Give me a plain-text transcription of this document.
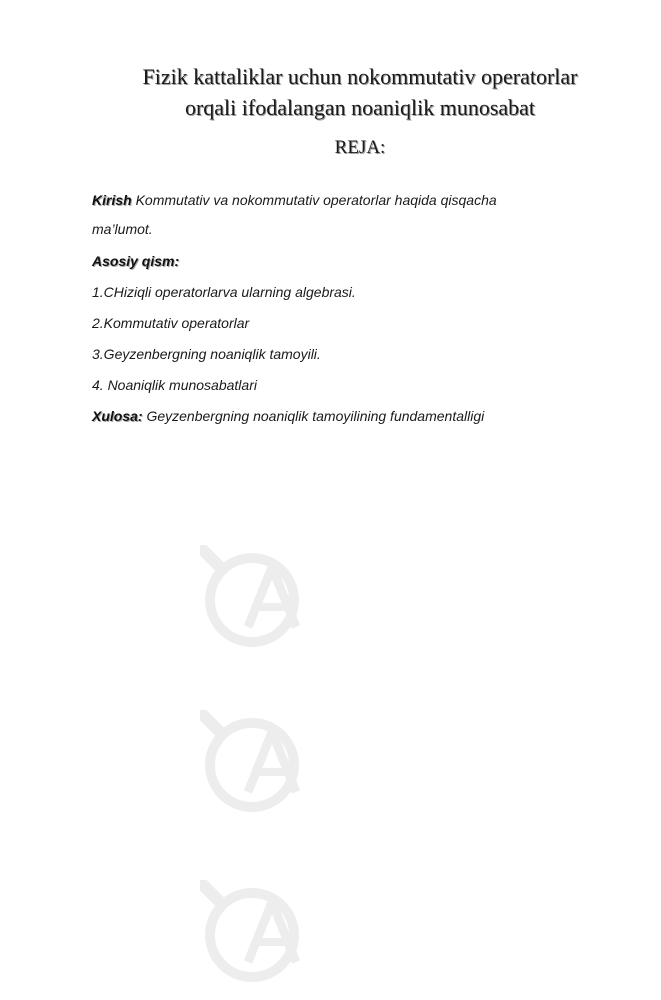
Fizik kattaliklar uchun nokommutativ operatorlar
orqali ifodalangan noaniqlik munosabat
REJA:
Kirish Kommutativ va nokommutativ operatorlar haqida qisqacha
ma’lumot.
Asosiy qism:
1.CHiziqli operatorlarva ularning algebrasi.
2.Kommutativ operatorlar
3.Geyzenbergning noaniqlik tamoyili.
4. Noaniqlik munosabatlari
Xulosa: Geyzenbergning noaniqlik tamoyilining fundamentalligi
